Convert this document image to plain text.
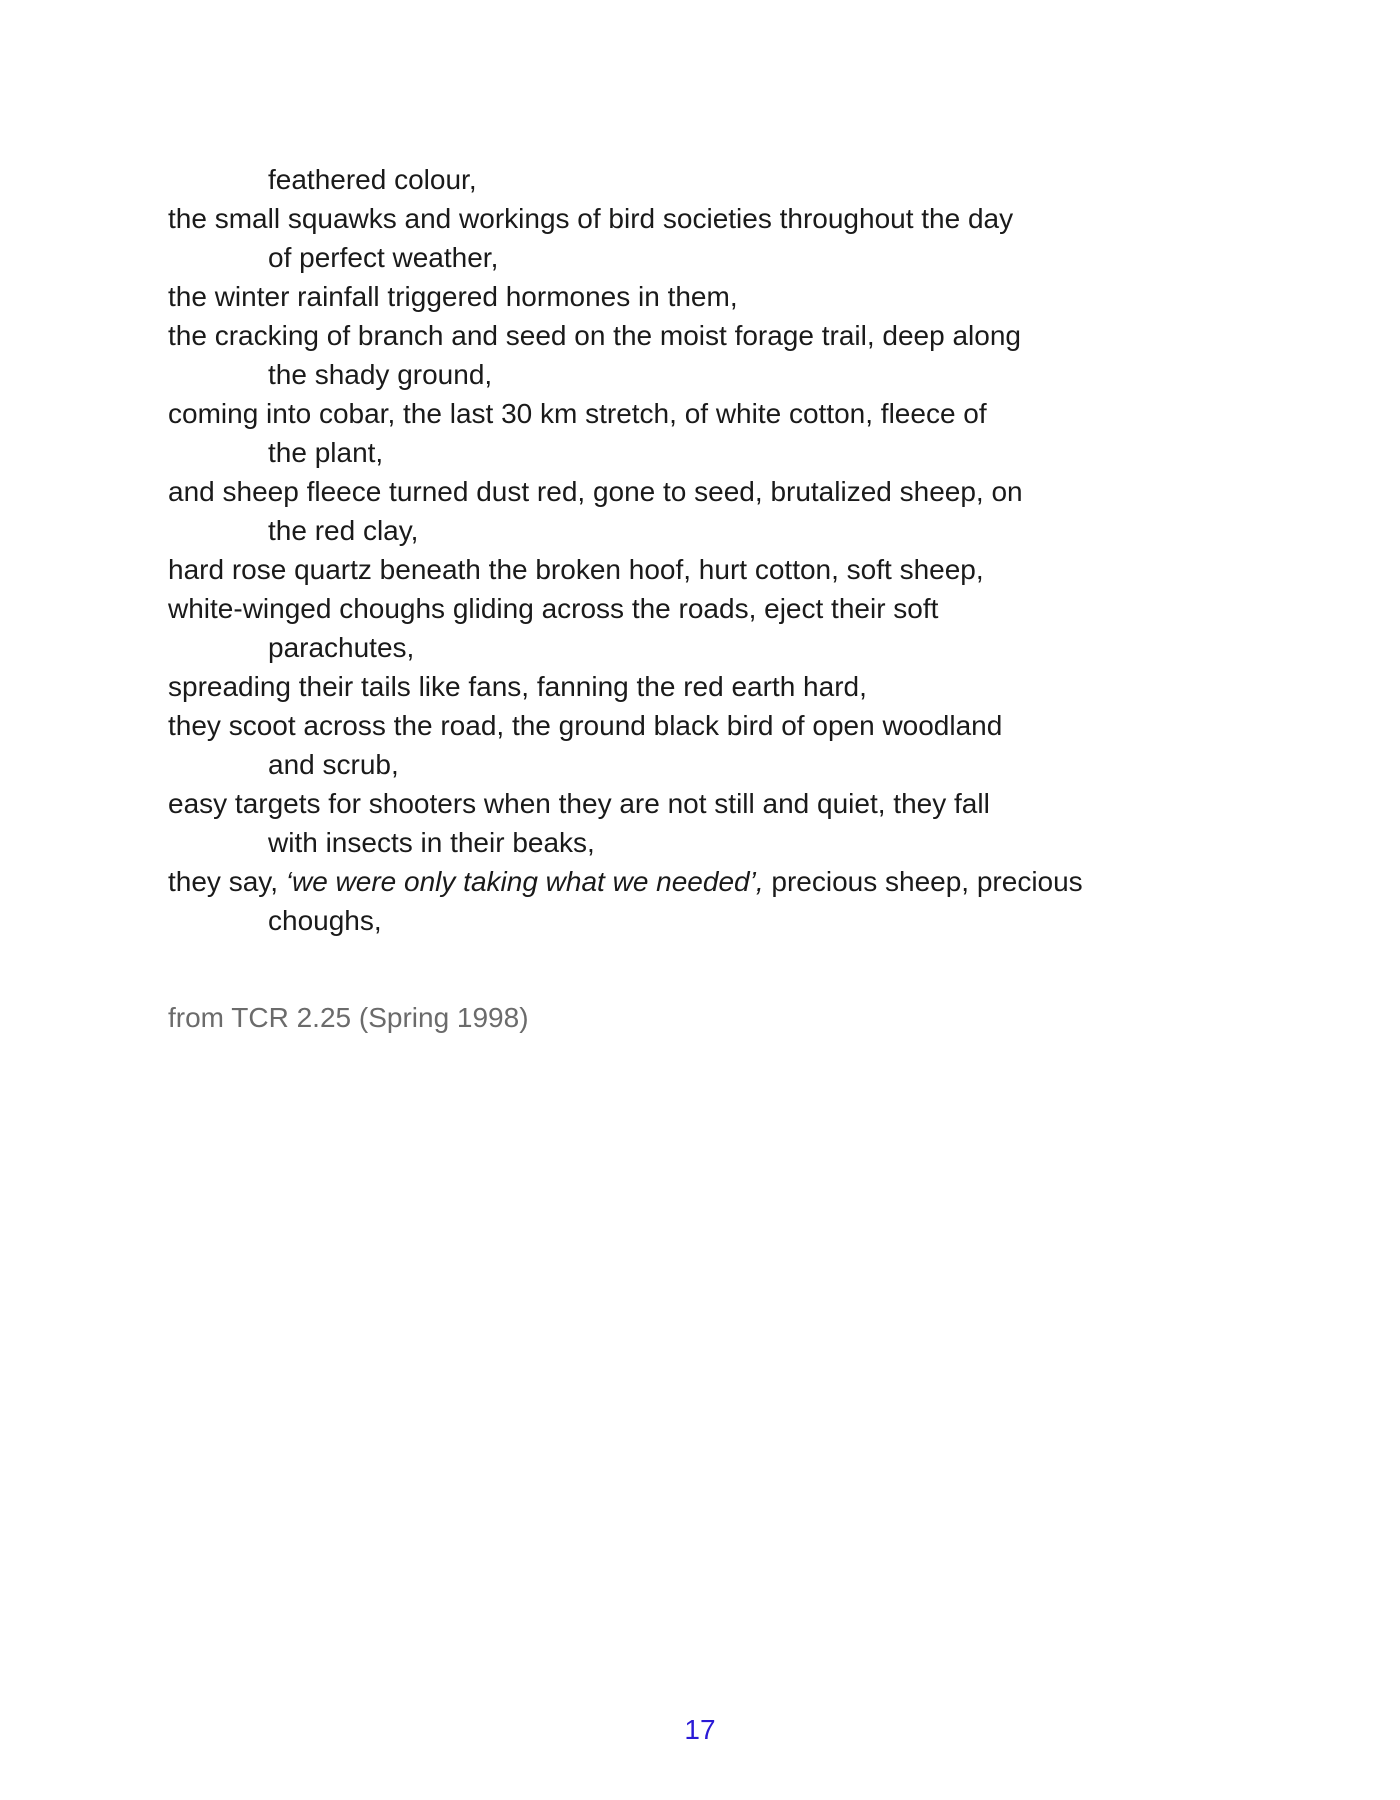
feathered colour,
the small squawks and workings of bird societies throughout the day
of perfect weather,
the winter rainfall triggered hormones in them,
the cracking of branch and seed on the moist forage trail, deep along
the shady ground,
coming into cobar, the last 30 km stretch, of white cotton, fleece of
the plant,
and sheep fleece turned dust red, gone to seed, brutalized sheep, on
the red clay,
hard rose quartz beneath the broken hoof, hurt cotton, soft sheep,
white-winged choughs gliding across the roads, eject their soft
parachutes,
spreading their tails like fans, fanning the red earth hard,
they scoot across the road, the ground black bird of open woodland
and scrub,
easy targets for shooters when they are not still and quiet, they fall
with insects in their beaks,
they say, ‘we were only taking what we needed’, precious sheep, precious
choughs,
from TCR 2.25 (Spring 1998)
17
